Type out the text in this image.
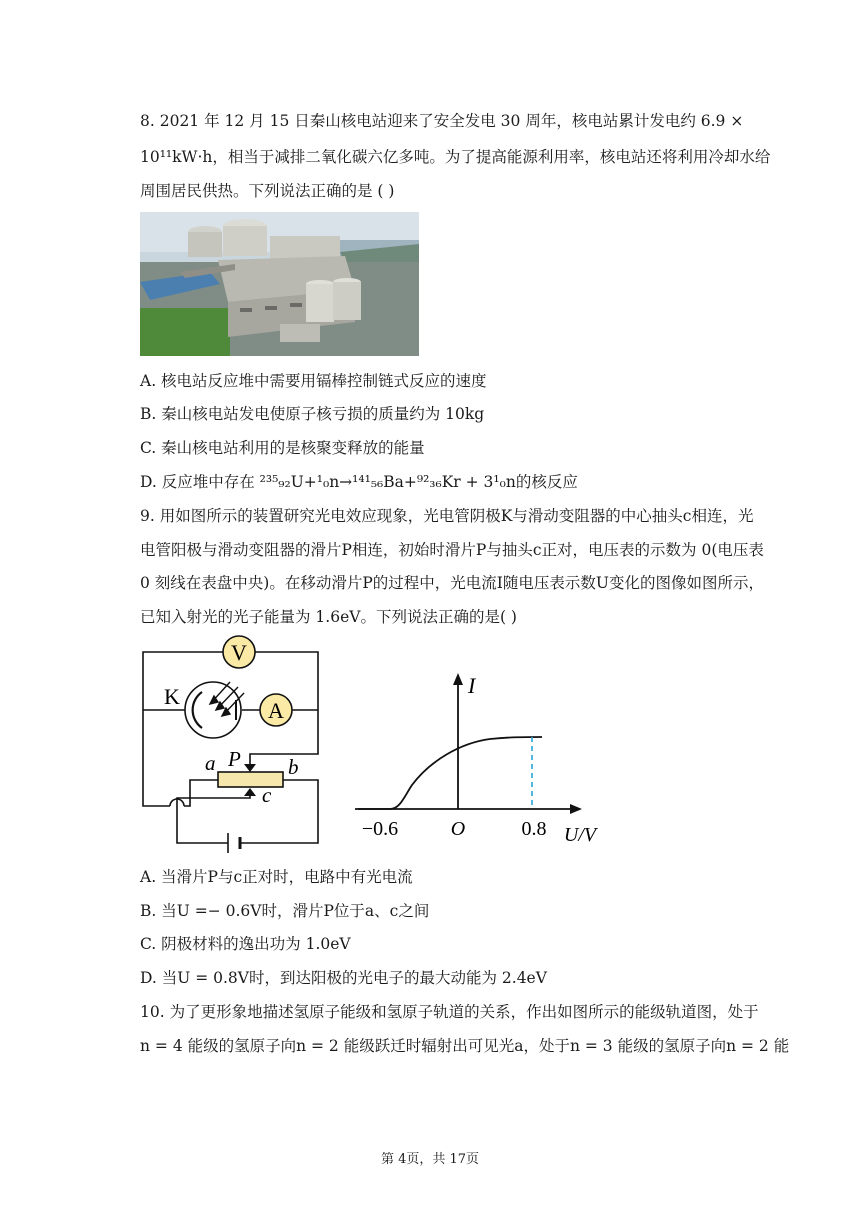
8. 2021 年 12 月 15 日秦山核电站迎来了安全发电 30 周年，核电站累计发电约 6.9 ×
10¹¹kW·h，相当于减排二氧化碳六亿多吨。为了提高能源利用率，核电站还将利用冷却水给
周围居民供热。下列说法正确的是 ( )
A. 核电站反应堆中需要用镉棒控制链式反应的速度
B. 秦山核电站发电使原子核亏损的质量约为 10kg
C. 秦山核电站利用的是核聚变释放的能量
D. 反应堆中存在 ²³⁵₉₂U+¹₀n→¹⁴¹₅₆Ba+⁹²₃₆Kr + 3¹₀n的核反应
9. 用如图所示的装置研究光电效应现象，光电管阴极K与滑动变阻器的中心抽头c相连，光
电管阳极与滑动变阻器的滑片P相连，初始时滑片P与抽头c正对，电压表的示数为 0(电压表
0 刻线在表盘中央)。在移动滑片P的过程中，光电流I随电压表示数U变化的图像如图所示，
已知入射光的光子能量为 1.6eV。下列说法正确的是( )
V
A
K
a P b
c
I
−0.6	O	0.8 U/V
A. 当滑片P与c正对时，电路中有光电流
B. 当U =− 0.6V时，滑片P位于a、c之间
C. 阴极材料的逸出功为 1.0eV
D. 当U = 0.8V时，到达阳极的光电子的最大动能为 2.4eV
10. 为了更形象地描述氢原子能级和氢原子轨道的关系，作出如图所示的能级轨道图，处于
n = 4 能级的氢原子向n = 2 能级跃迁时辐射出可见光a，处于n = 3 能级的氢原子向n = 2 能
第 4页，共 17页
